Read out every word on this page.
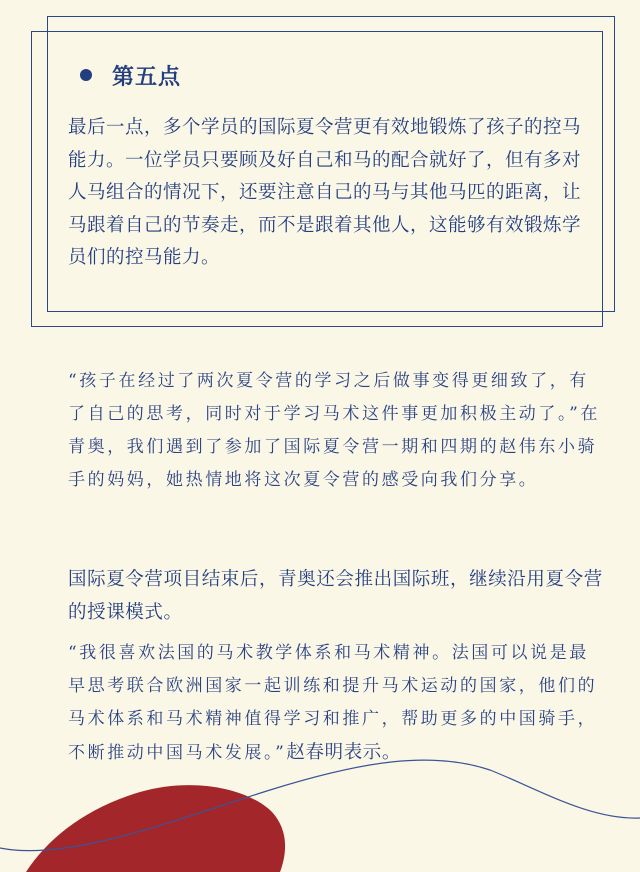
第五点

最后一点，多个学员的国际夏令营更有效地锻炼了孩子的控马能力。一位学员只要顾及好自己和马的配合就好了，但有多对人马组合的情况下，还要注意自己的马与其他马匹的距离，让马跟着自己的节奏走，而不是跟着其他人，这能够有效锻炼学员们的控马能力。

“孩子在经过了两次夏令营的学习之后做事变得更细致了，有了自己的思考，同时对于学习马术这件事更加积极主动了。”在青奥，我们遇到了参加了国际夏令营一期和四期的赵伟东小骑手的妈妈，她热情地将这次夏令营的感受向我们分享。

国际夏令营项目结束后，青奥还会推出国际班，继续沿用夏令营的授课模式。

“我很喜欢法国的马术教学体系和马术精神。法国可以说是最早思考联合欧洲国家一起训练和提升马术运动的国家，他们的马术体系和马术精神值得学习和推广，帮助更多的中国骑手，不断推动中国马术发展。”赵春明表示。
